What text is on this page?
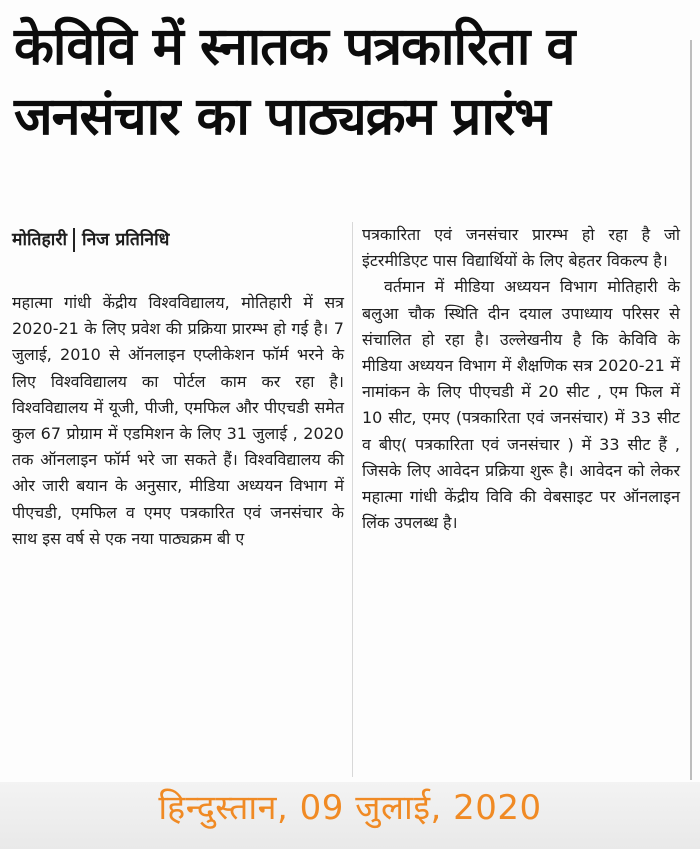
केविवि में स्नातक पत्रकारिता व
जनसंचार का पाठ्यक्रम प्रारंभ
मोतिहारी निज प्रतिनिधि

महात्मा गांधी केंद्रीय विश्वविद्यालय, मोतिहारी में सत्र 2020-21 के लिए प्रवेश की प्रक्रिया प्रारम्भ हो गई है। 7 जुलाई, 2010 से ऑनलाइन एप्लीकेशन फॉर्म भरने के लिए विश्वविद्यालय का पोर्टल काम कर रहा है। विश्वविद्यालय में यूजी, पीजी, एमफिल और पीएचडी समेत कुल 67 प्रोग्राम में एडमिशन के लिए 31 जुलाई , 2020 तक ऑनलाइन फॉर्म भरे जा सकते हैं। विश्वविद्यालय की ओर जारी बयान के अनुसार, मीडिया अध्ययन विभाग में पीएचडी, एमफिल व एमए पत्रकारित एवं जनसंचार के साथ इस वर्ष से एक नया पाठ्यक्रम बी ए

पत्रकारिता एवं जनसंचार प्रारम्भ हो रहा है जो इंटरमीडिएट पास विद्यार्थियों के लिए बेहतर विकल्प है।

वर्तमान में मीडिया अध्ययन विभाग मोतिहारी के बलुआ चौक स्थिति दीन दयाल उपाध्याय परिसर से संचालित हो रहा है। उल्लेखनीय है कि केविवि के मीडिया अध्ययन विभाग में शैक्षणिक सत्र 2020-21 में नामांकन के लिए पीएचडी में 20 सीट , एम फिल में 10 सीट, एमए (पत्रकारिता एवं जनसंचार) में 33 सीट व बीए( पत्रकारिता एवं जनसंचार ) में 33 सीट हैं , जिसके लिए आवेदन प्रक्रिया शुरू है। आवेदन को लेकर महात्मा गांधी केंद्रीय विवि की वेबसाइट पर ऑनलाइन लिंक उपलब्ध है।

हिन्दुस्तान, 09 जुलाई, 2020
